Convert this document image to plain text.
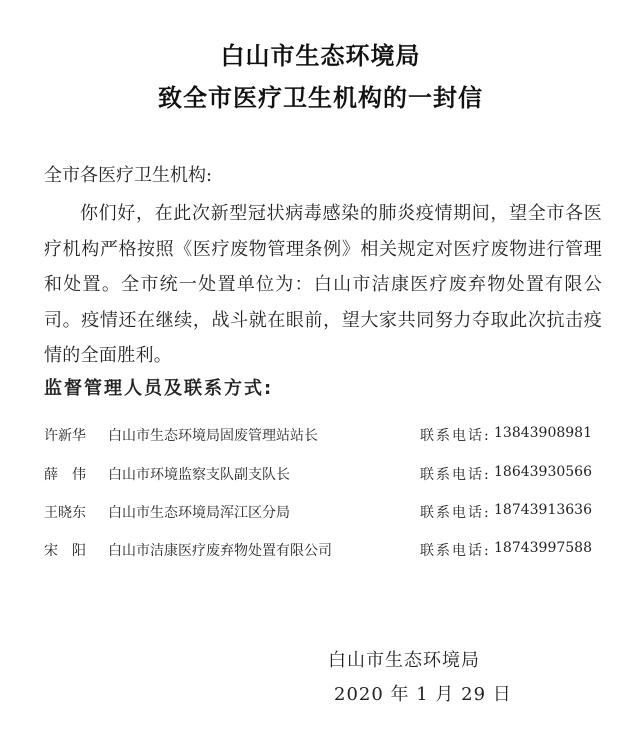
白山市生态环境局
致全市医疗卫生机构的一封信
全市各医疗卫生机构:
你们好，在此次新型冠状病毒感染的肺炎疫情期间，望全市各医疗机构严格按照《医疗废物管理条例》相关规定对医疗废物进行管理和处置。全市统一处置单位为：白山市洁康医疗废弃物处置有限公司。疫情还在继续，战斗就在眼前，望大家共同努力夺取此次抗击疫情的全面胜利。
监督管理人员及联系方式:
许新华	白山市生态环境局固废管理站站长	联系电话: 13843908981
薛伟 白山市环境监察支队副支队长	联系电话: 18643930566
王晓东	白山市生态环境局浑江区分局	联系电话: 18743913636
宋阳 白山市洁康医疗废弃物处置有限公司	联系电话: 18743997588
白山市生态环境局
2020 年 1 月 29 日
